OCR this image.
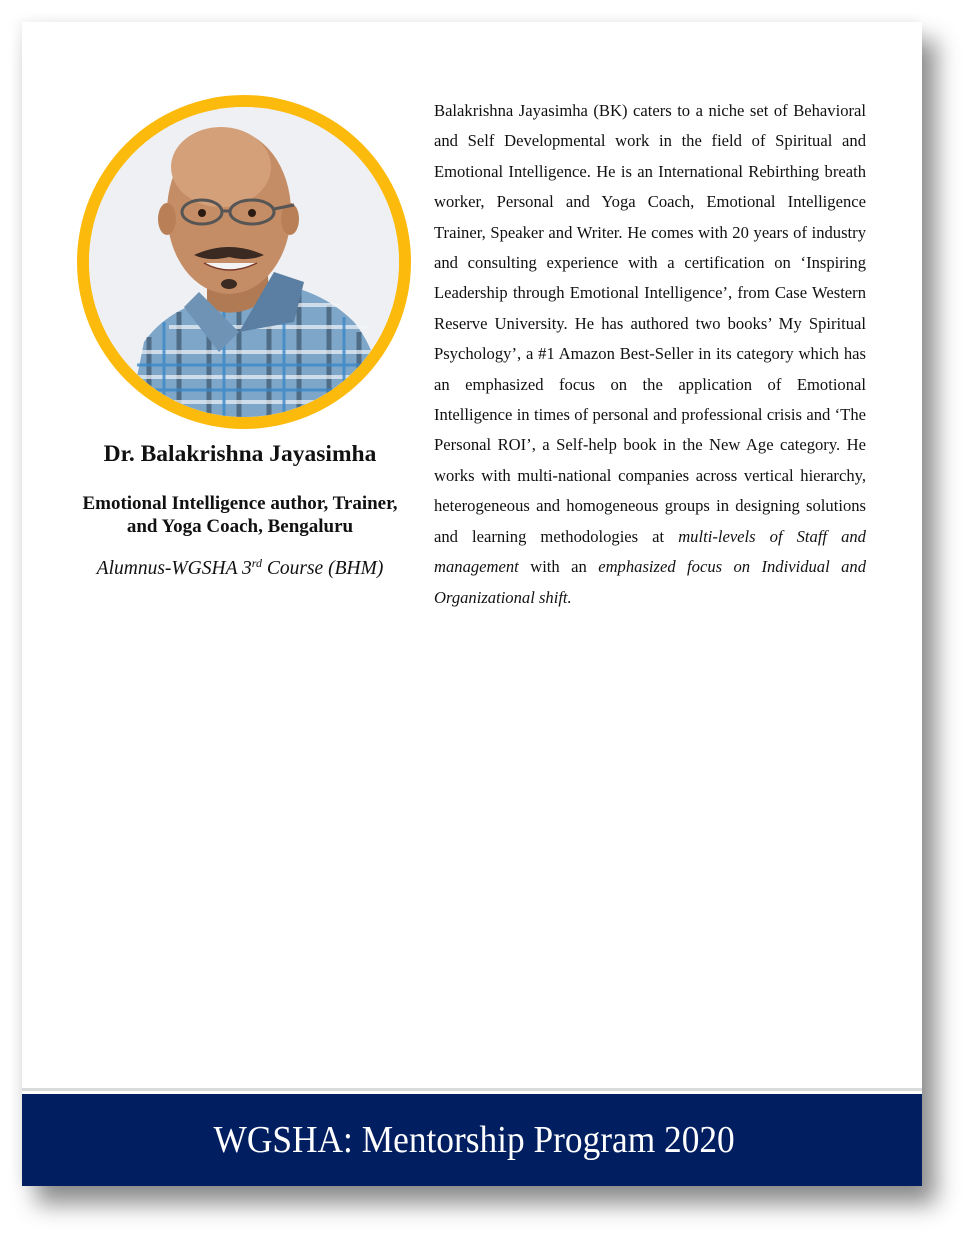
Dr. Balakrishna Jayasimha
Emotional Intelligence author, Trainer,
and Yoga Coach, Bengaluru
Alumnus-WGSHA 3rd Course (BHM)

Balakrishna Jayasimha (BK) caters to a niche set of Behavioral and Self Developmental work in the field of Spiritual and Emotional Intelligence. He is an International Rebirthing breath worker, Personal and Yoga Coach, Emotional Intelligence Trainer, Speaker and Writer. He comes with 20 years of industry and consulting experience with a certification on ‘Inspiring Leadership through Emotional Intelligence’, from Case Western Reserve University. He has authored two books’ My Spiritual Psychology’, a #1 Amazon Best-Seller in its category which has an emphasized focus on the application of Emotional Intelligence in times of personal and professional crisis and ‘The Personal ROI’, a Self-help book in the New Age category. He works with multi-national companies across vertical hierarchy, heterogeneous and homogeneous groups in designing solutions and learning methodologies at multi-levels of Staff and management with an emphasized focus on Individual and Organizational shift.

WGSHA: Mentorship Program 2020
